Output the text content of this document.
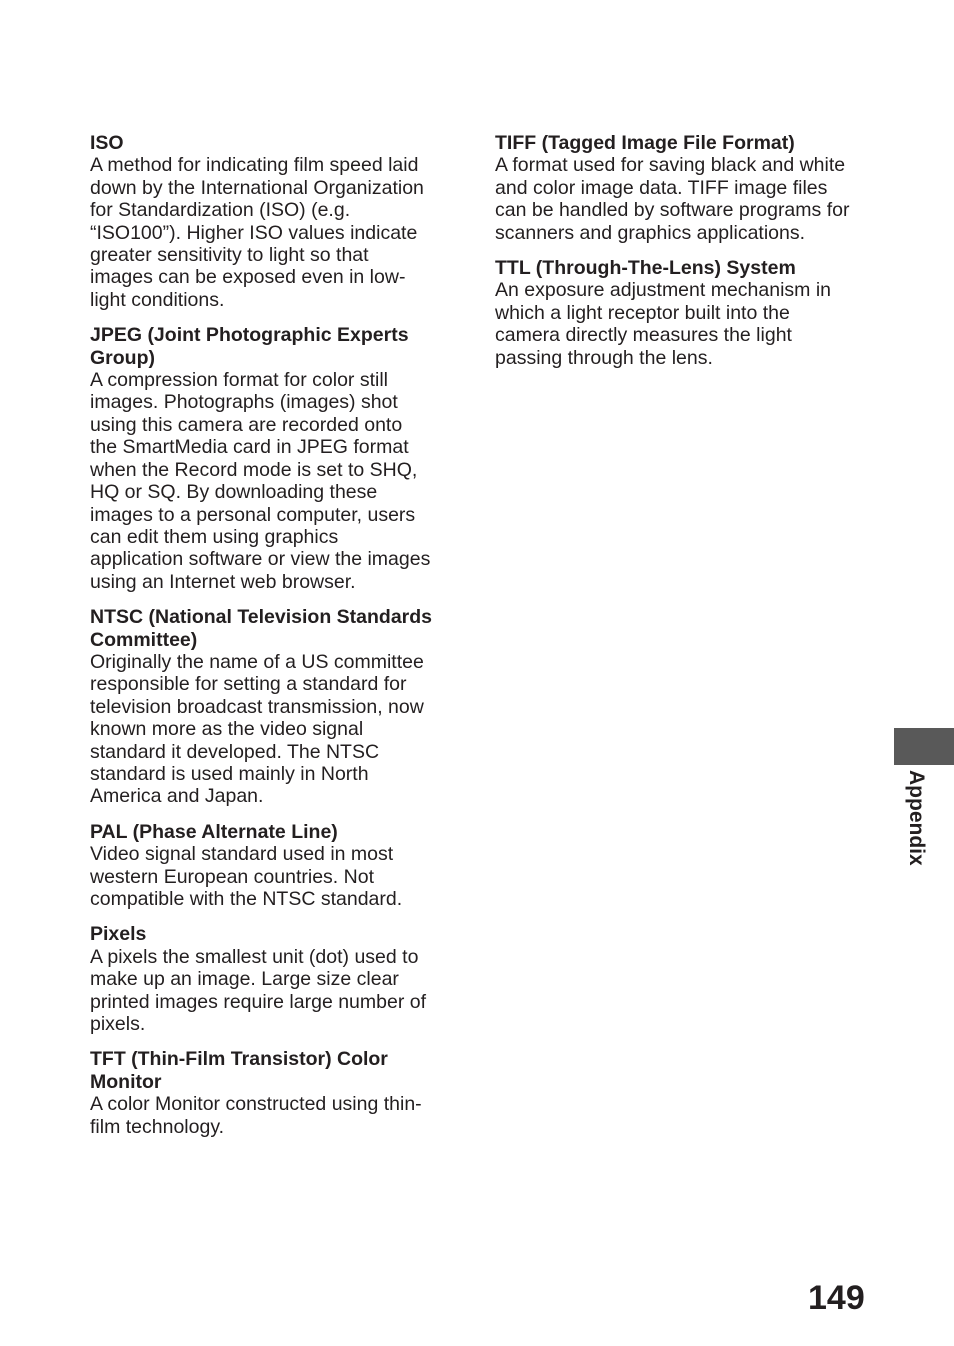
ISO

A method for indicating film speed laid
down by the International Organization
for Standardization (ISO) (e.g.
“ISO100”). Higher ISO values indicate
greater sensitivity to light so that
images can be exposed even in low-
light conditions.

JPEG (Joint Photographic Experts
Group)

A compression format for color still
images. Photographs (images) shot
using this camera are recorded onto
the SmartMedia card in JPEG format
when the Record mode is set to SHQ,
HQ or SQ. By downloading these
images to a personal computer, users
can edit them using graphics
application software or view the images
using an Internet web browser.

NTSC (National Television Standards
Committee)

Originally the name of a US committee
responsible for setting a standard for
television broadcast transmission, now
known more as the video signal
standard it developed. The NTSC
standard is used mainly in North
America and Japan.

PAL (Phase Alternate Line)

Video signal standard used in most
western European countries. Not
compatible with the NTSC standard.

Pixels

A pixels the smallest unit (dot) used to
make up an image. Large size clear
printed images require large number of
pixels.

TFT (Thin-Film Transistor) Color
Monitor

A color Monitor constructed using thin-
film technology.

TIFF (Tagged Image File Format)

A format used for saving black and white
and color image data. TIFF image files
can be handled by software programs for
scanners and graphics applications.

TTL (Through-The-Lens) System

An exposure adjustment mechanism in
which a light receptor built into the
camera directly measures the light
passing through the lens.

Appendix
149
